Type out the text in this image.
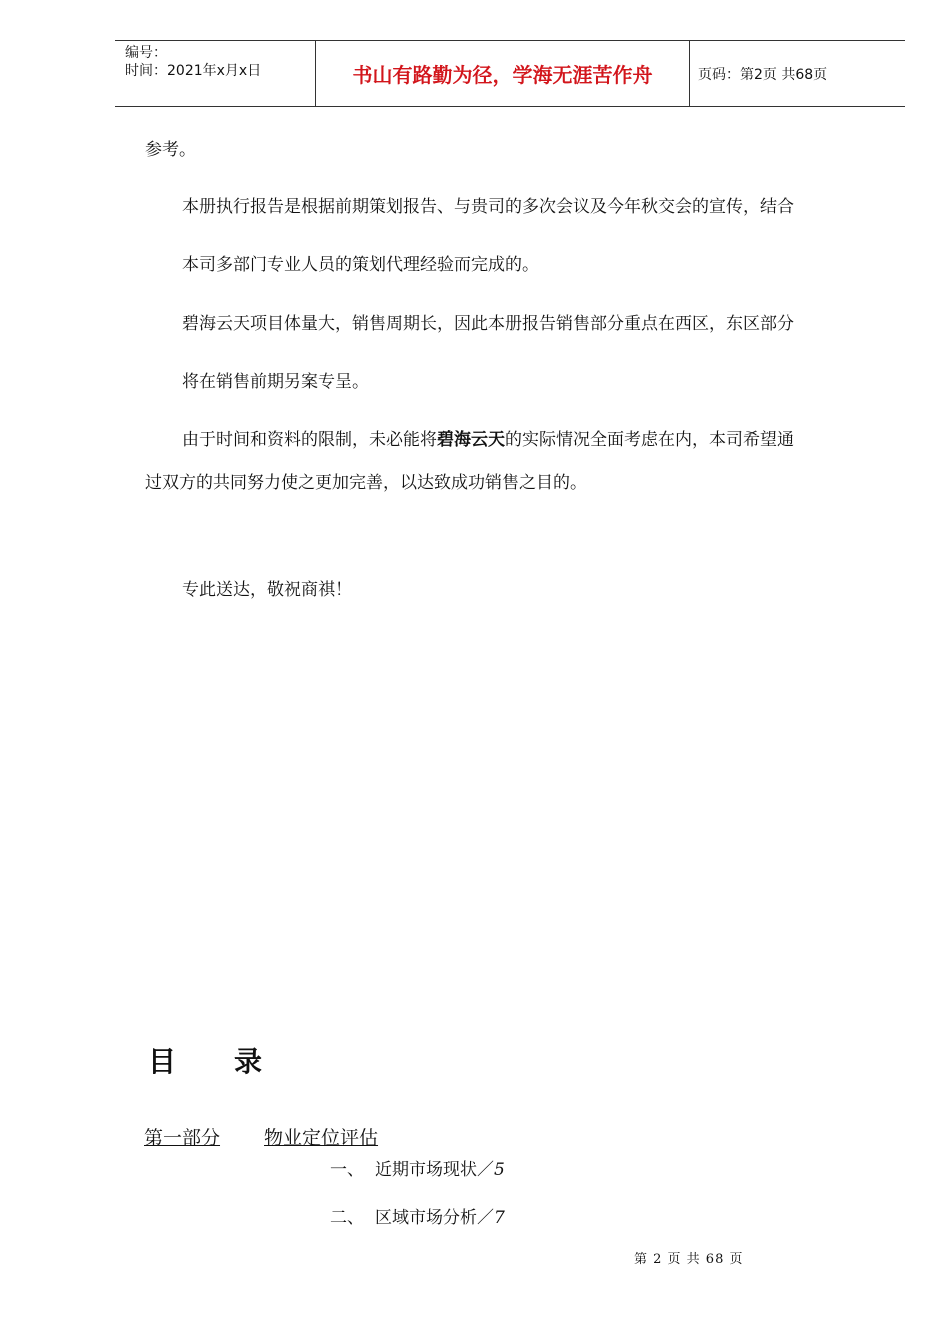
编号：
时间：2021年x月x日	书山有路勤为径，学海无涯苦作舟	页码：第2页 共68页
参考。
本册执行报告是根据前期策划报告、与贵司的多次会议及今年秋交会的宣传，结合
本司多部门专业人员的策划代理经验而完成的。
碧海云天项目体量大，销售周期长，因此本册报告销售部分重点在西区，东区部分
将在销售前期另案专呈。
由于时间和资料的限制，未必能将碧海云天的实际情况全面考虑在内，本司希望通
过双方的共同努力使之更加完善，以达致成功销售之目的。
专此送达，敬祝商祺！
目 录
第一部分 物业定位评估
一、 近期市场现状／5
二、 区域市场分析／7
第 2 页 共 68 页
